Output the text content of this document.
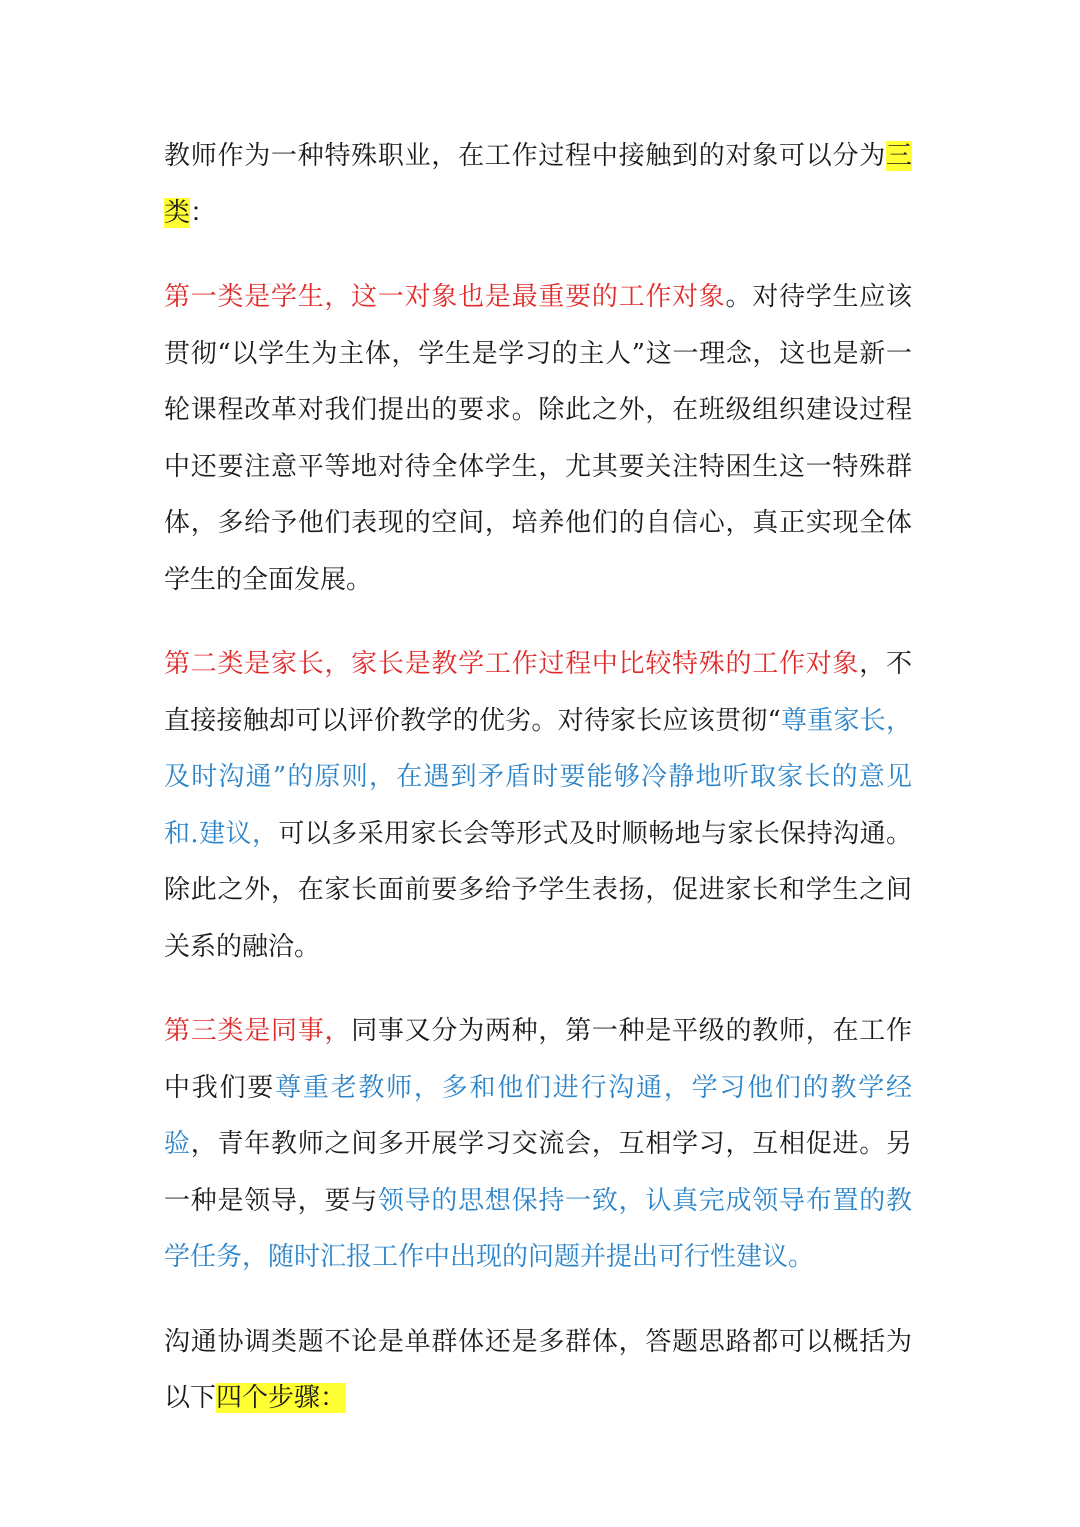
教师作为一种特殊职业，在工作过程中接触到的对象可以分为三类：

第一类是学生，这一对象也是最重要的工作对象。对待学生应该贯彻“以学生为主体，学生是学习的主人”这一理念，这也是新一轮课程改革对我们提出的要求。除此之外，在班级组织建设过程中还要注意平等地对待全体学生，尤其要关注特困生这一特殊群体，多给予他们表现的空间，培养他们的自信心，真正实现全体学生的全面发展。

第二类是家长，家长是教学工作过程中比较特殊的工作对象，不直接接触却可以评价教学的优劣。对待家长应该贯彻“尊重家长，及时沟通”的原则，在遇到矛盾时要能够冷静地听取家长的意见和.建议，可以多采用家长会等形式及时顺畅地与家长保持沟通。除此之外，在家长面前要多给予学生表扬，促进家长和学生之间关系的融洽。

第三类是同事，同事又分为两种，第一种是平级的教师，在工作中我们要尊重老教师，多和他们进行沟通，学习他们的教学经验，青年教师之间多开展学习交流会，互相学习，互相促进。另一种是领导，要与领导的思想保持一致，认真完成领导布置的教学任务，随时汇报工作中出现的问题并提出可行性建议。

沟通协调类题不论是单群体还是多群体，答题思路都可以概括为以下四个步骤：
